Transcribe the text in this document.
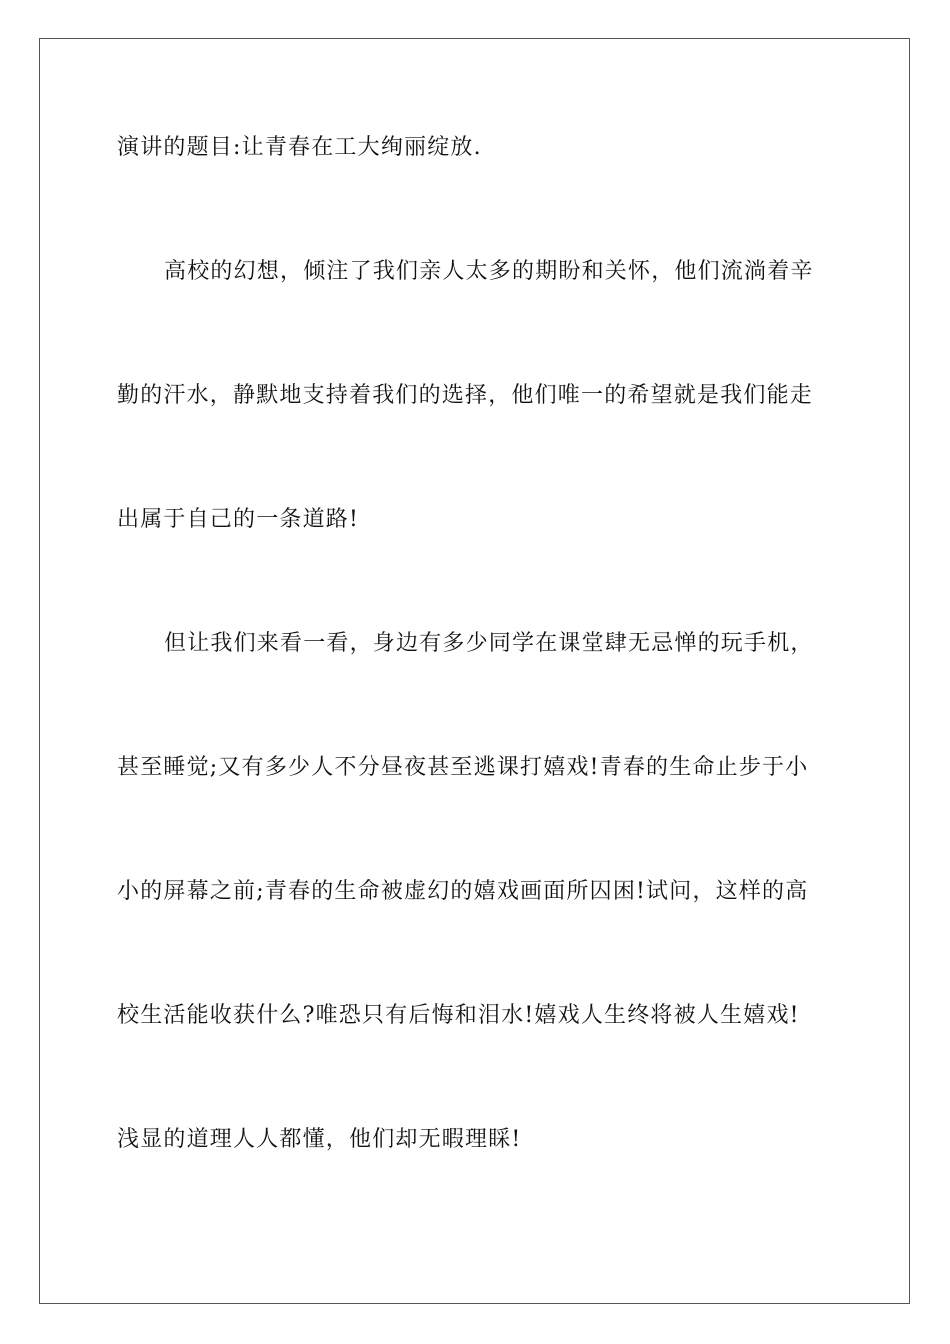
演讲的题目:让青春在工大绚丽绽放.
高校的幻想，倾注了我们亲人太多的期盼和关怀，他们流淌着辛
勤的汗水，静默地支持着我们的选择，他们唯一的希望就是我们能走
出属于自己的一条道路!
但让我们来看一看，身边有多少同学在课堂肆无忌惮的玩手机，
甚至睡觉;又有多少人不分昼夜甚至逃课打嬉戏!青春的生命止步于小
小的屏幕之前;青春的生命被虚幻的嬉戏画面所囚困!试问，这样的高
校生活能收获什么?唯恐只有后悔和泪水!嬉戏人生终将被人生嬉戏!
浅显的道理人人都懂，他们却无暇理睬!
